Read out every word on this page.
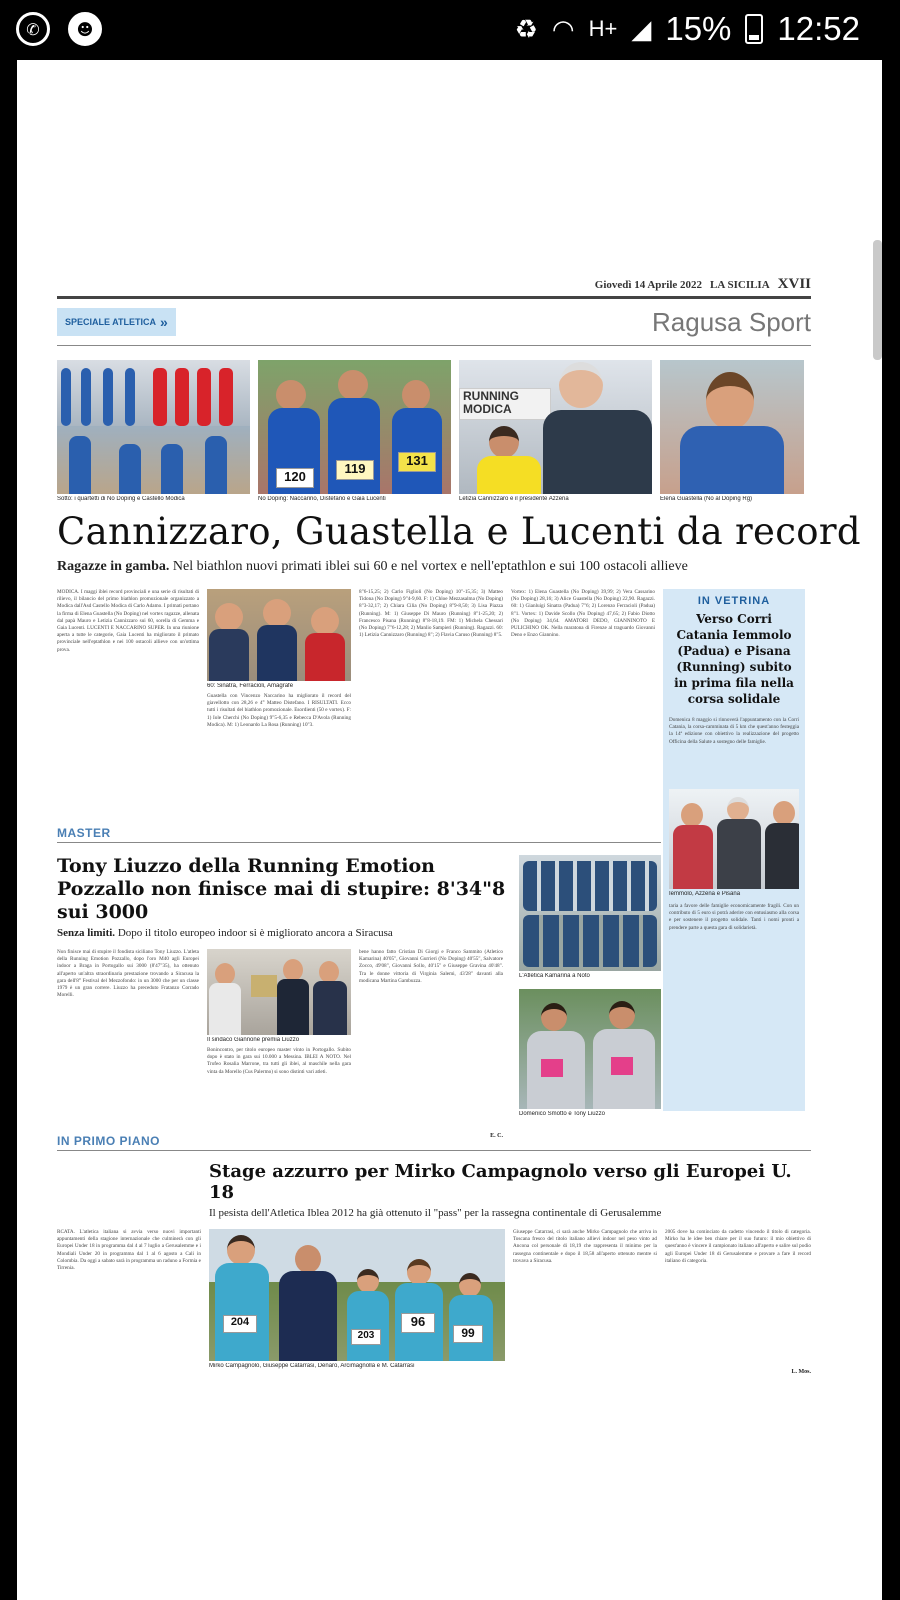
✆	☻	♻ ◠ H+ ◢ 15% 12:52
Giovedì 14 Aprile 2022 LA SICILIA XVII
SPECIALE ATLETICA »	Ragusa Sport
Sotto: i quartetti di No Doping e Castello Modica
120
119
131
No Doping: Naccarino, Distefano e Gaia Lucenti
RUNNING MODICA
Letizia Cannizzaro e il presidente Azzena	Elena Guastella (No al Doping Rg)
Cannizzaro, Guastella e Lucenti da record
Ragazze in gamba. Nel biathlon nuovi primati iblei sui 60 e nel vortex e nell'eptathlon e sui 100 ostacoli allieve
MODICA. I maggi iblei record provinciali e una serie di risultati di rilievo, il bilancio del primo biathlon promozionale organizzato a Modica dall'Asd Castello Modica di Carlo Adamo. I primati portano la firma di Elena Guastella (No Doping) nel vortex ragazze, allenata dal papà Mauro e Letizia Cannizzaro sui 60, sorella di Gemma e Gaia Lucenti. LUCENTI E NACCARINO SUPER. In una riunione aperta a tutte le categorie, Gaia Lucenti ha migliorato il primato provinciale nell'eptathlon e nei 100 ostacoli allieve con un'ottima prova.
60: Sinatra, Ferracioli, Amagrafe
Guastella con Vincenzo Naccarino ha migliorato il record del giavellotto con 28,26 e 4° Matteo Distefano. I RISULTATI. Ecco tutti i risultati del biathlon promozionale. Esordienti (50 e vortex). F: 1) Iole Cherchi (No Doping) 9"5-6,35 e Rebecca D'Avola (Running Modica). M: 1) Leonardo La Rosa (Running) 10"3.
8"6-15,25; 2) Carlo Figlioli (No Doping) 10"-15,35; 3) Matteo Tidona (No Doping) 9"4-9,60. F: 1) Chloe Mezzasalma (No Doping) 8"3-32,17; 2) Chiara Cilia (No Doping) 8"9-8,50; 3) Lisa Piazza (Running). M: 1) Giuseppe Di Mauro (Running) 8"1-25,20; 2) Francesco Pisana (Running) 8"8-18,19. FM: 1) Michela Chessari (No Doping) 7"6-12,28; 2) Manlio Sampieri (Running). Ragazzi. 60: 1) Letizia Cannizzaro (Running) 8"; 2) Flavia Caruso (Running) 8"5.
Vortex: 1) Elena Guastella (No Doping) 39,99; 2) Vera Cassarino (No Doping) 28,16; 3) Alice Guastella (No Doping) 22,90. Ragazzi. 60: 1) Gianluigi Sinatra (Padua) 7"6; 2) Lorenzo Ferracioli (Padua) 8"1. Vortex: 1) Davide Scollo (No Doping) 47,65; 2) Fabio Diotto (No Doping) 34,64. AMATORI DEDO, GIANNINOTO E PULICHINO OK. Nella maratona di Firenze al traguardo Giovanni Deno e Enzo Giannino.
IN VETRINA
Verso Corri Catania Iemmolo (Padua) e Pisana (Running) subito in prima fila nella corsa solidale
Domenica 8 maggio si rinnoverà l'appuntamento con la Corri Catania, la corsa-camminata di 5 km che quest'anno festeggia la 14ª edizione con obiettivo la realizzazione del progetto Officina della Salute a sostegno delle famiglie.
Iemmolo, Azzena e Pisana
taria a favore delle famiglie economicamente fragili. Con un contributo di 5 euro si potrà aderire con entusiasmo alla corsa e per sostenere il progetto solidale. Tanti i nomi pronti a prendere parte a questa gara di solidarietà.
MASTER
Tony Liuzzo della Running Emotion Pozzallo non finisce mai di stupire: 8'34"8 sui 3000
Senza limiti. Dopo il titolo europeo indoor si è migliorato ancora a Siracusa
Non finisce mai di stupire il fondista siciliano Tony Liuzzo. L'atleta della Running Emotion Pozzallo, dopo l'oro M40 agli Europei indoor a Braga in Portogallo sui 3000 (8'47"35), ha ottenuto all'aperto un'altra straordinaria prestazione trovando a Siracusa la gara dell'8° Festival del Mezzofondo: in un 3000 che per un classe 1979 è un gran correre. Liuzzo ha preceduto Fratanzo Corrado Morelli.
Il sindaco Giannone premia Liuzzo
Bonincontro, per titolo europeo master vinto in Portogallo. Subito dopo è stato in gara sui 10.000 a Messina. IBLEI A NOTO. Nel Trofeo Rosalia Marrone, tra tutti gli iblei, al maschile nella gara vinta da Morello (Cus Palermo) si sono distinti vari atleti.
bene hanno fatto Cristian Di Giorgi e Franco Sammito (Atletico Kamarina) 40'05", Giovanni Gurrieri (No Doping) 40'55", Salvatore Zocco, 49'08", Giovanni Sollo, 40'15" e Giuseppe Gravina 40'48". Tra le donne vittoria di Virginia Salemi, 43'28" davanti alla modicana Martina Gambuzza.
E. C.
L'Atletica Kamarina a Noto
Domenico Smotto e Tony Liuzzo
IN PRIMO PIANO
Stage azzurro per Mirko Campagnolo verso gli Europei U. 18
Il pesista dell'Atletica Iblea 2012 ha già ottenuto il "pass" per la rassegna continentale di Gerusalemme
RCATA. L'atletica italiana si avvia verso nuovi importanti appuntamenti della stagione internazionale che culminerà con gli Europei Under 18 in programma dal 4 al 7 luglio a Gerusalemme e i Mondiali Under 20 in programma dal 1 al 6 agosto a Cali in Colombia. Da oggi a sabato sarà in programma un raduno a Formia e Tirrenia.
204
203
96
99
Mirko Campagnolo, Giuseppe Catarrasi, Denaro, Arcimagnolla e M. Catarrasi
Giuseppe Catarrasi, ci sarà anche Mirko Campagnolo che arriva in Toscana fresco del titolo italiano allievi indoor nel peso vinto ad Ancona col personale di 18,19 che rappresenta il minimo per la rassegna continentale e dopo il 18,58 all'aperto ottenuto mentre si trovava a Siracusa.
2005 dove ha cominciato da cadetto vincendo il titolo di categoria. Mirko ha le idee ben chiare per il suo futuro: il mio obiettivo di quest'anno è vincere il campionato italiano all'aperto e salire sul podio agli Europei Under 18 di Gerusalemme e provare a fare il record italiano di categoria.
L. Mos.
